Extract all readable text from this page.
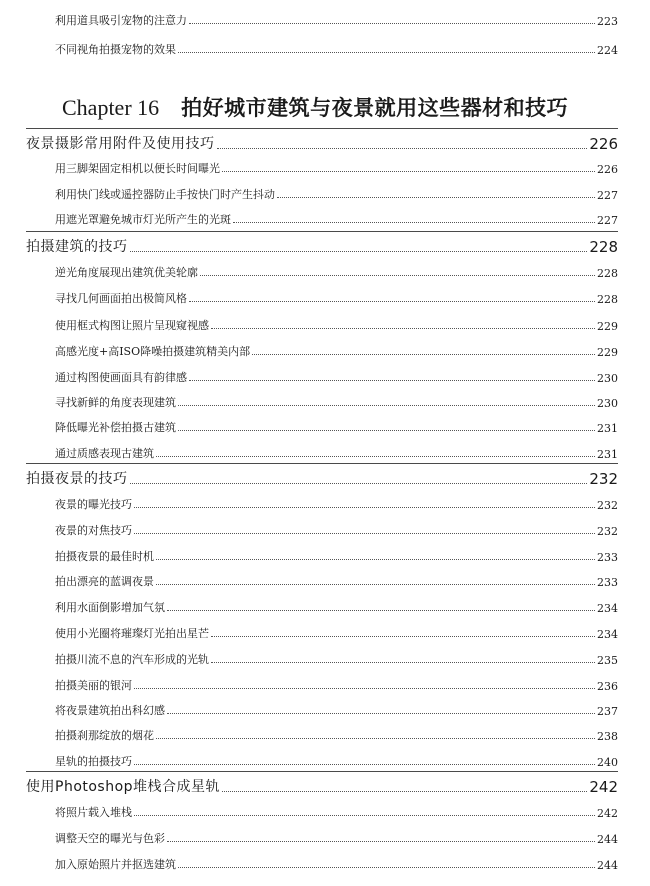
利用道具吸引宠物的注意力	223
不同视角拍摄宠物的效果	224
Chapter 16 拍好城市建筑与夜景就用这些器材和技巧
夜景摄影常用附件及使用技巧	226
用三脚架固定相机以便长时间曝光	226
利用快门线或遥控器防止手按快门时产生抖动	227
用遮光罩避免城市灯光所产生的光斑	227
拍摄建筑的技巧	228
逆光角度展现出建筑优美轮廓	228
寻找几何画面拍出极简风格	228
使用框式构图让照片呈现窥视感	229
高感光度+高ISO降噪拍摄建筑精美内部	229
通过构图使画面具有韵律感	230
寻找新鲜的角度表现建筑	230
降低曝光补偿拍摄古建筑	231
通过质感表现古建筑	231
拍摄夜景的技巧	232
夜景的曝光技巧	232
夜景的对焦技巧	232
拍摄夜景的最佳时机	233
拍出漂亮的蓝调夜景	233
利用水面倒影增加气氛	234
使用小光圈将璀璨灯光拍出星芒	234
拍摄川流不息的汽车形成的光轨	235
拍摄美丽的银河	236
将夜景建筑拍出科幻感	237
拍摄刹那绽放的烟花	238
星轨的拍摄技巧	240
使用Photoshop堆栈合成星轨	242
将照片载入堆栈	242
调整天空的曝光与色彩	244
加入原始照片并抠选建筑	244
